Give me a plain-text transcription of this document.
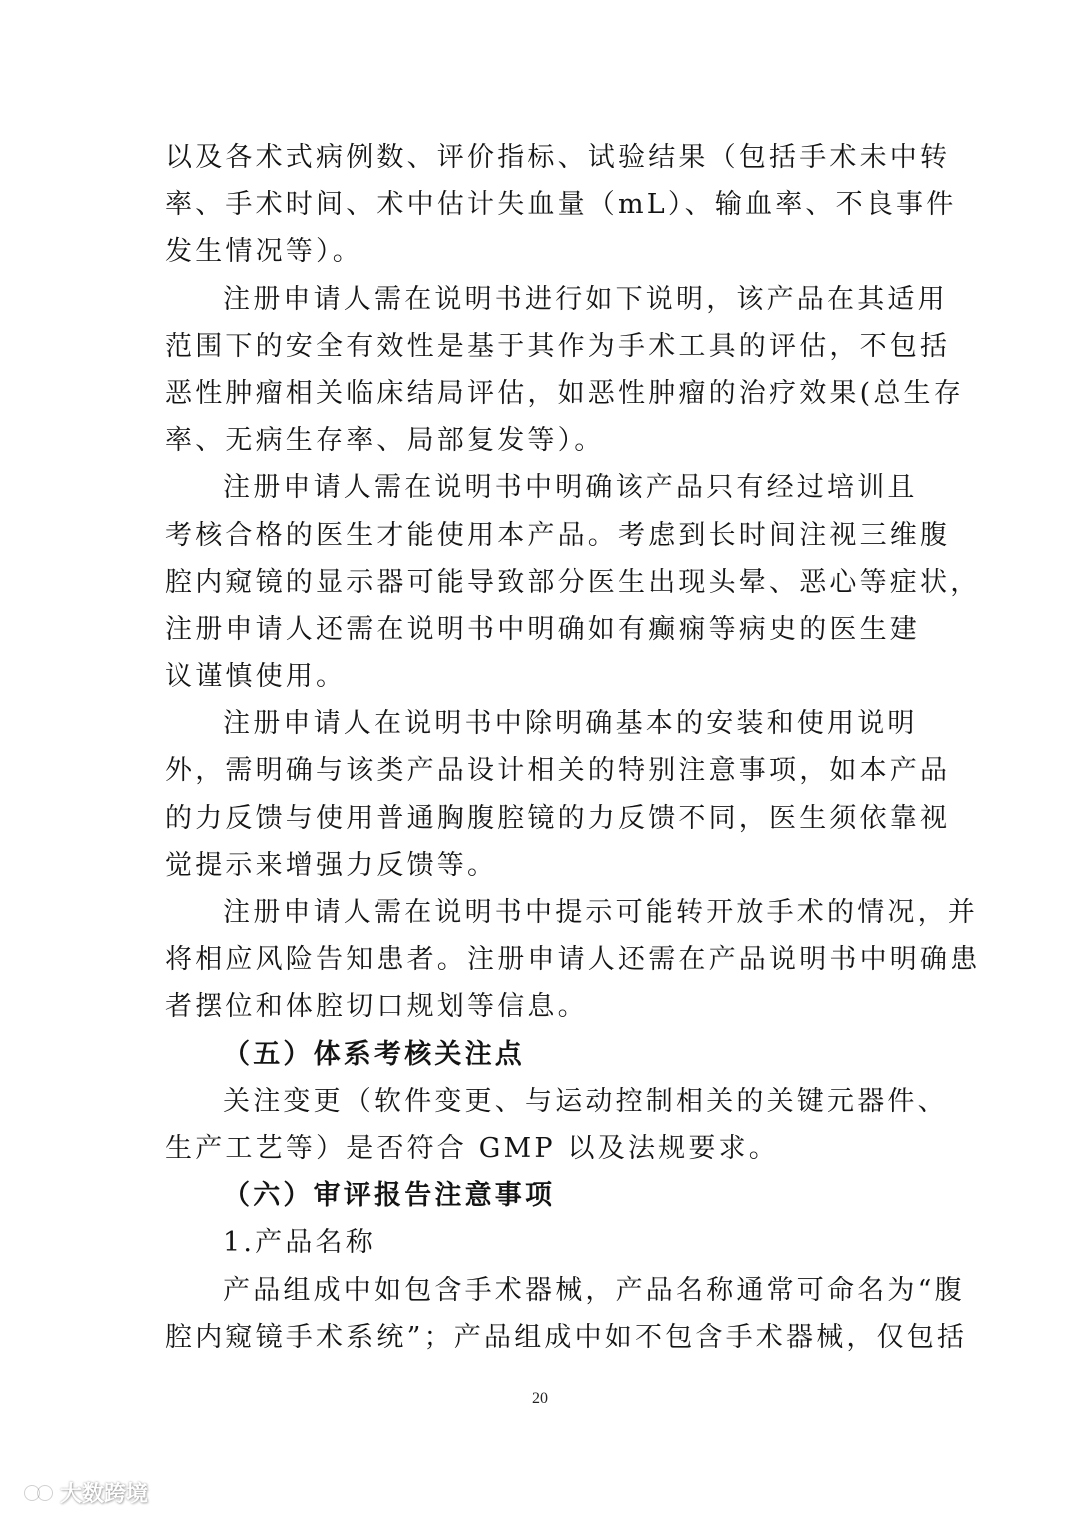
以及各术式病例数、评价指标、试验结果（包括手术未中转
率、手术时间、术中估计失血量（mL）、输血率、不良事件
发生情况等）。
注册申请人需在说明书进行如下说明，该产品在其适用
范围下的安全有效性是基于其作为手术工具的评估，不包括
恶性肿瘤相关临床结局评估，如恶性肿瘤的治疗效果(总生存
率、无病生存率、局部复发等）。
注册申请人需在说明书中明确该产品只有经过培训且
考核合格的医生才能使用本产品。考虑到长时间注视三维腹
腔内窥镜的显示器可能导致部分医生出现头晕、恶心等症状，
注册申请人还需在说明书中明确如有癫痫等病史的医生建
议谨慎使用。
注册申请人在说明书中除明确基本的安装和使用说明
外，需明确与该类产品设计相关的特别注意事项，如本产品
的力反馈与使用普通胸腹腔镜的力反馈不同，医生须依靠视
觉提示来增强力反馈等。
注册申请人需在说明书中提示可能转开放手术的情况，并
将相应风险告知患者。注册申请人还需在产品说明书中明确患
者摆位和体腔切口规划等信息。
（五）体系考核关注点
关注变更（软件变更、与运动控制相关的关键元器件、
生产工艺等）是否符合 GMP 以及法规要求。
（六）审评报告注意事项
1.产品名称
产品组成中如包含手术器械，产品名称通常可命名为“腹
腔内窥镜手术系统”；产品组成中如不包含手术器械，仅包括
20
大数跨境
